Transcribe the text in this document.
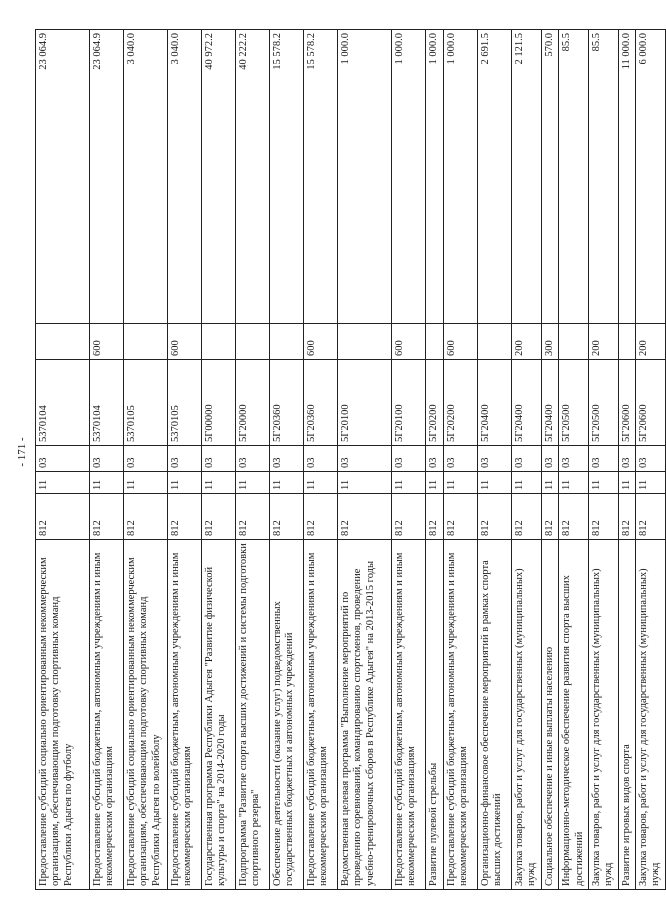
- 171 -
Предоставление субсидий социально ориентированным некоммерческим организациям, обеспечивающим подготовку спортивных команд Республики Адыгея по футболу	812	11	03	5370104		23 064.9
Предоставление субсидий бюджетным, автономным учреждениям и иным некоммерческим организациям	812	11	03	5370104	600	23 064.9
Предоставление субсидий социально ориентированным некоммерческим организациям, обеспечивающим подготовку спортивных команд Республики Адыгея по волейболу	812	11	03	5370105		3 040.0
Предоставление субсидий бюджетным, автономным учреждениям и иным некоммерческим организациям	812	11	03	5370105	600	3 040.0
Государственная программа Республики Адыгея "Развитие физической культуры и спорта" на 2014-2020 годы	812	11	03	5Г00000		40 972.2
Подпрограмма "Развитие спорта высших достижений и системы подготовки спортивного резерва"	812	11	03	5Г20000		40 222.2
Обеспечение деятельности (оказание услуг) подведомственных государственных бюджетных и автономных учреждений	812	11	03	5Г20360		15 578.2
Предоставление субсидий бюджетным, автономным учреждениям и иным некоммерческим организациям	812	11	03	5Г20360	600	15 578.2
Ведомственная целевая программа "Выполнение мероприятий по проведению соревнований, командированию спортсменов, проведение учебно-тренировочных сборов в Республике Адыгея" на 2013-2015 годы	812	11	03	5Г20100		1 000.0
Предоставление субсидий бюджетным, автономным учреждениям и иным некоммерческим организациям	812	11	03	5Г20100	600	1 000.0
Развитие пулевой стрельбы	812	11	03	5Г20200		1 000.0
Предоставление субсидий бюджетным, автономным учреждениям и иным некоммерческим организациям	812	11	03	5Г20200	600	1 000.0
Организационно-финансовое обеспечение мероприятий в рамках спорта высших достижений	812	11	03	5Г20400		2 691.5
Закупка товаров, работ и услуг для государственных (муниципальных) нужд	812	11	03	5Г20400	200	2 121.5
Социальное обеспечение и иные выплаты населению	812	11	03	5Г20400	300	570.0
Информационно-методическое обеспечение развития спорта высших достижений	812	11	03	5Г20500		85.5
Закупка товаров, работ и услуг для государственных (муниципальных) нужд	812	11	03	5Г20500	200	85.5
Развитие игровых видов спорта	812	11	03	5Г20600		11 000.0
Закупка товаров, работ и услуг для государственных (муниципальных) нужд	812	11	03	5Г20600	200	6 000.0
